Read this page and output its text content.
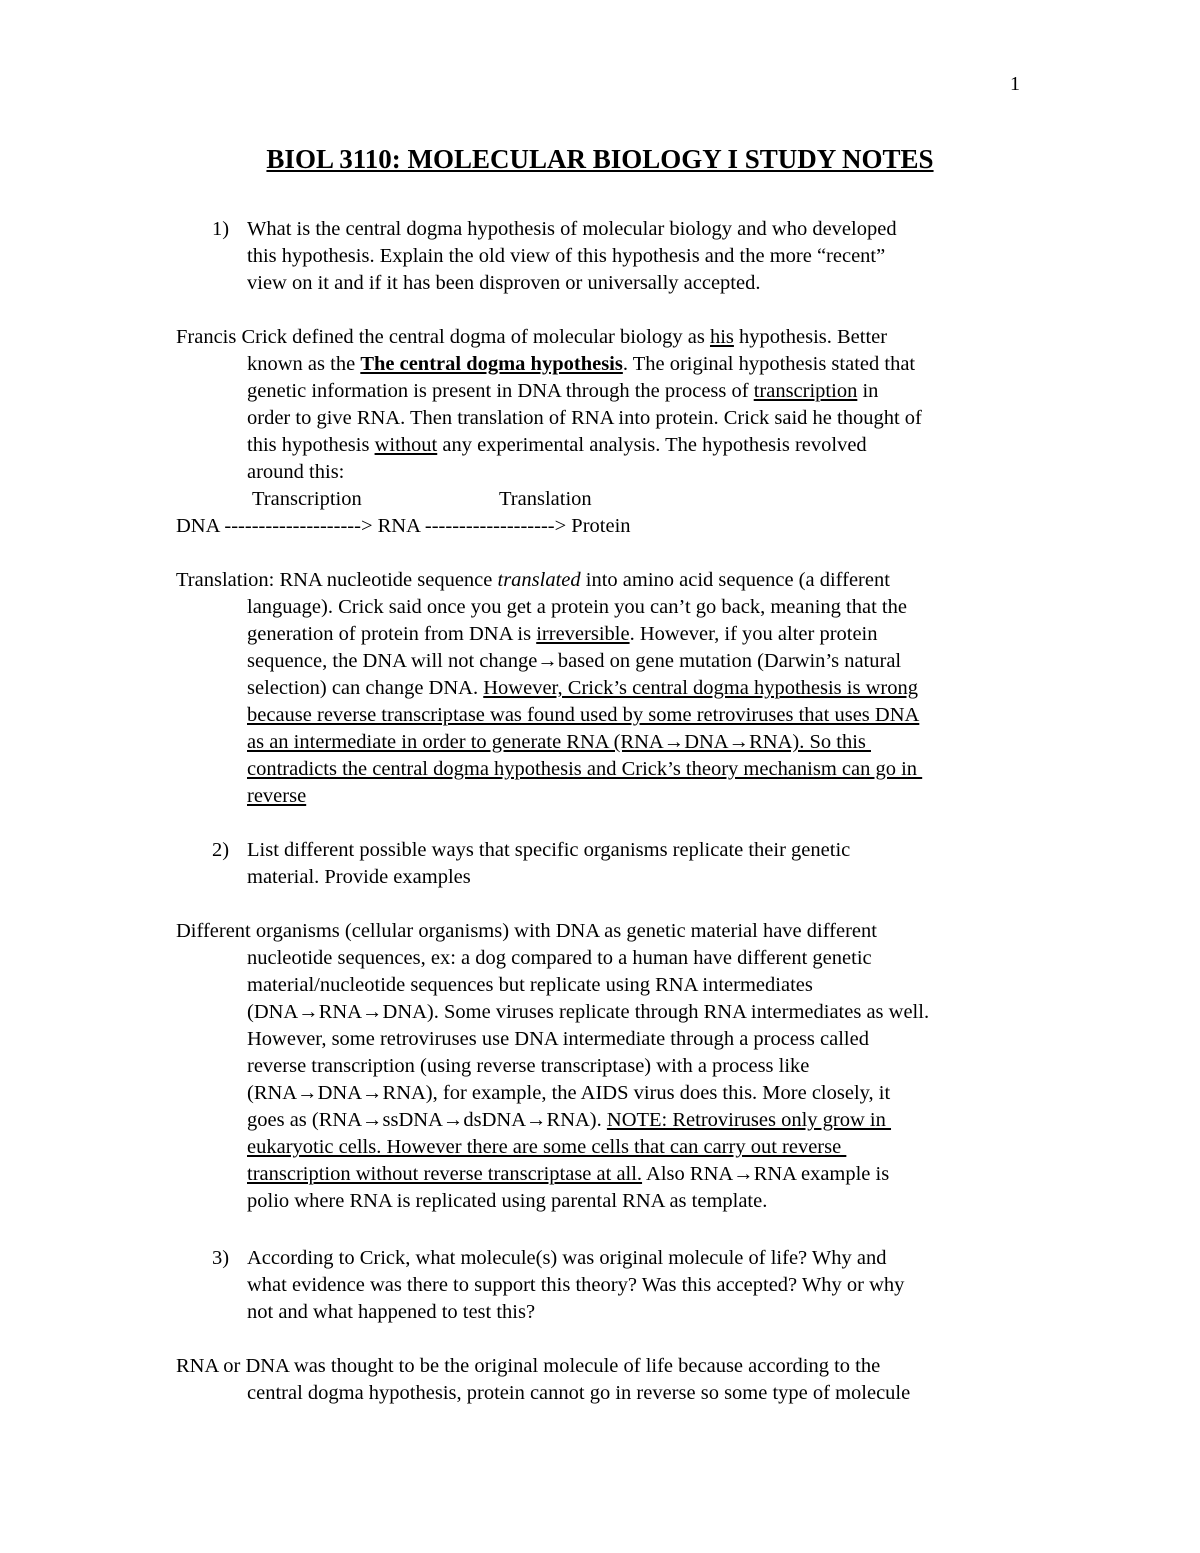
1
BIOL 3110: MOLECULAR BIOLOGY I STUDY NOTES
1) What is the central dogma hypothesis of molecular biology and who developed
this hypothesis. Explain the old view of this hypothesis and the more “recent”
view on it and if it has been disproven or universally accepted.
Francis Crick defined the central dogma of molecular biology as his hypothesis. Better
known as the The central dogma hypothesis. The original hypothesis stated that
genetic information is present in DNA through the process of transcription in
order to give RNA. Then translation of RNA into protein. Crick said he thought of
this hypothesis without any experimental analysis. The hypothesis revolved
around this:
Transcription	Translation
DNA --------------------> RNA -------------------> Protein
Translation: RNA nucleotide sequence translated into amino acid sequence (a different
language). Crick said once you get a protein you can’t go back, meaning that the
generation of protein from DNA is irreversible. However, if you alter protein
sequence, the DNA will not change→based on gene mutation (Darwin’s natural
selection) can change DNA. However, Crick’s central dogma hypothesis is wrong
because reverse transcriptase was found used by some retroviruses that uses DNA
as an intermediate in order to generate RNA (RNA→DNA→RNA). So this
contradicts the central dogma hypothesis and Crick’s theory mechanism can go in
reverse
2) List different possible ways that specific organisms replicate their genetic
material. Provide examples
Different organisms (cellular organisms) with DNA as genetic material have different
nucleotide sequences, ex: a dog compared to a human have different genetic
material/nucleotide sequences but replicate using RNA intermediates
(DNA→RNA→DNA). Some viruses replicate through RNA intermediates as well.
However, some retroviruses use DNA intermediate through a process called
reverse transcription (using reverse transcriptase) with a process like
(RNA→DNA→RNA), for example, the AIDS virus does this. More closely, it
goes as (RNA→ssDNA→dsDNA→RNA). NOTE: Retroviruses only grow in
eukaryotic cells. However there are some cells that can carry out reverse
transcription without reverse transcriptase at all. Also RNA→RNA example is
polio where RNA is replicated using parental RNA as template.
3) According to Crick, what molecule(s) was original molecule of life? Why and
what evidence was there to support this theory? Was this accepted? Why or why
not and what happened to test this?
RNA or DNA was thought to be the original molecule of life because according to the
central dogma hypothesis, protein cannot go in reverse so some type of molecule
